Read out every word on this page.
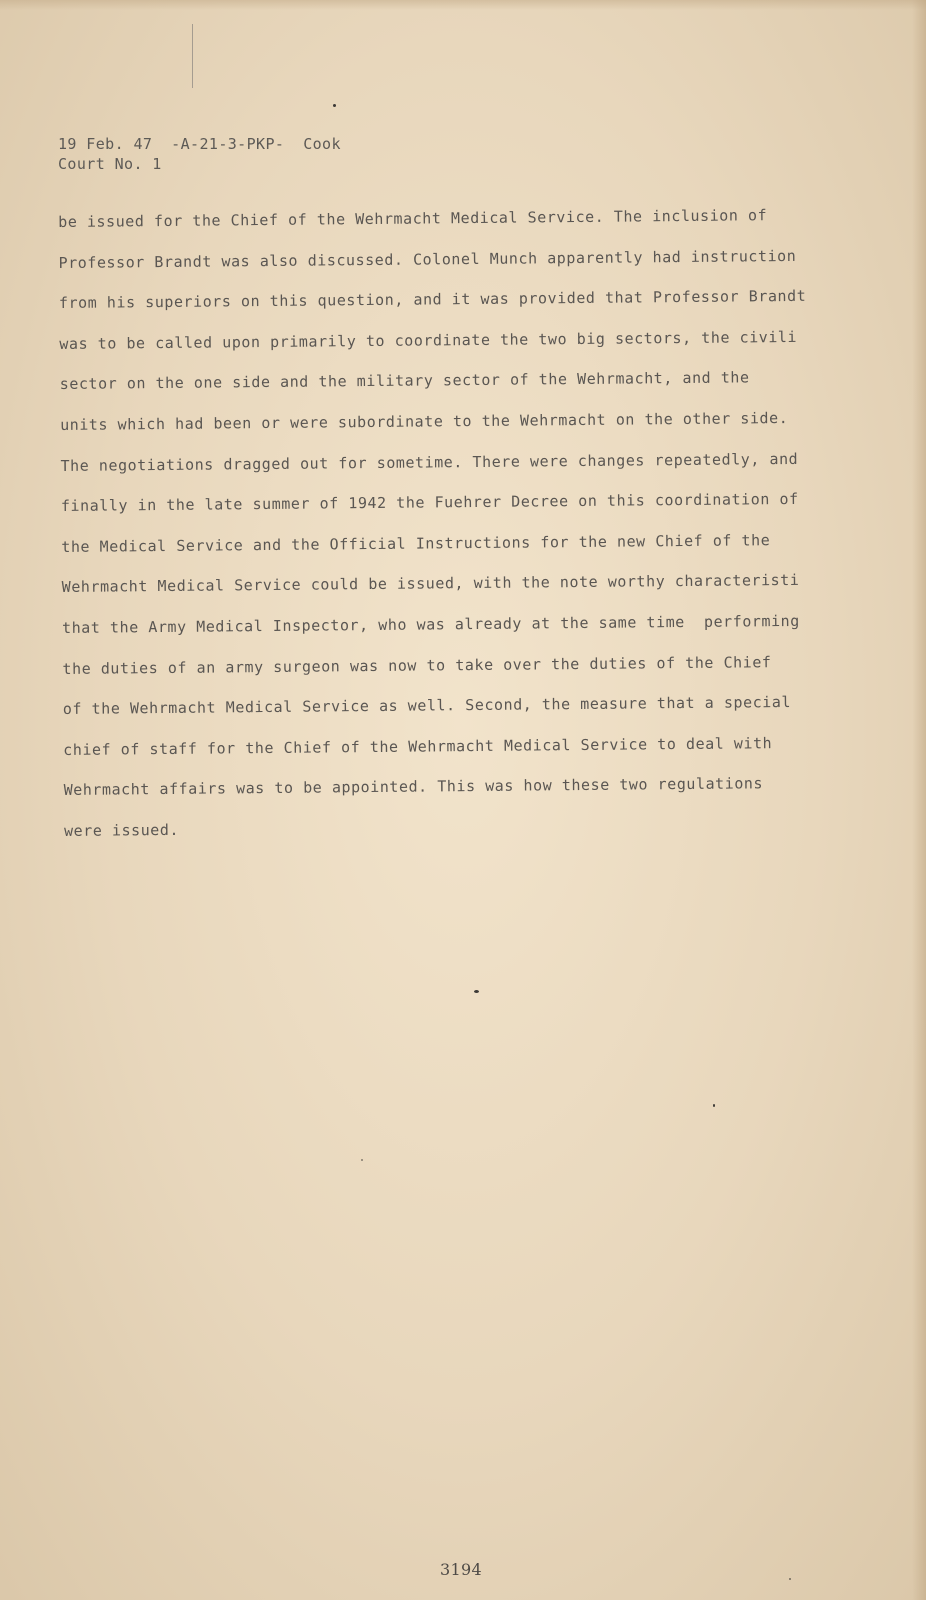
19 Feb. 47  -A-21-3-PKP-  Cook
Court No. 1
be issued for the Chief of the Wehrmacht Medical Service. The inclusion of
Professor Brandt was also discussed. Colonel Munch apparently had instruction
from his superiors on this question, and it was provided that Professor Brandt
was to be called upon primarily to coordinate the two big sectors, the civili
sector on the one side and the military sector of the Wehrmacht, and the
units which had been or were subordinate to the Wehrmacht on the other side.
The negotiations dragged out for sometime. There were changes repeatedly, and
finally in the late summer of 1942 the Fuehrer Decree on this coordination of
the Medical Service and the Official Instructions for the new Chief of the
Wehrmacht Medical Service could be issued, with the note worthy characteristi
that the Army Medical Inspector, who was already at the same time  performing
the duties of an army surgeon was now to take over the duties of the Chief
of the Wehrmacht Medical Service as well. Second, the measure that a special
chief of staff for the Chief of the Wehrmacht Medical Service to deal with
Wehrmacht affairs was to be appointed. This was how these two regulations
were issued.
3194
